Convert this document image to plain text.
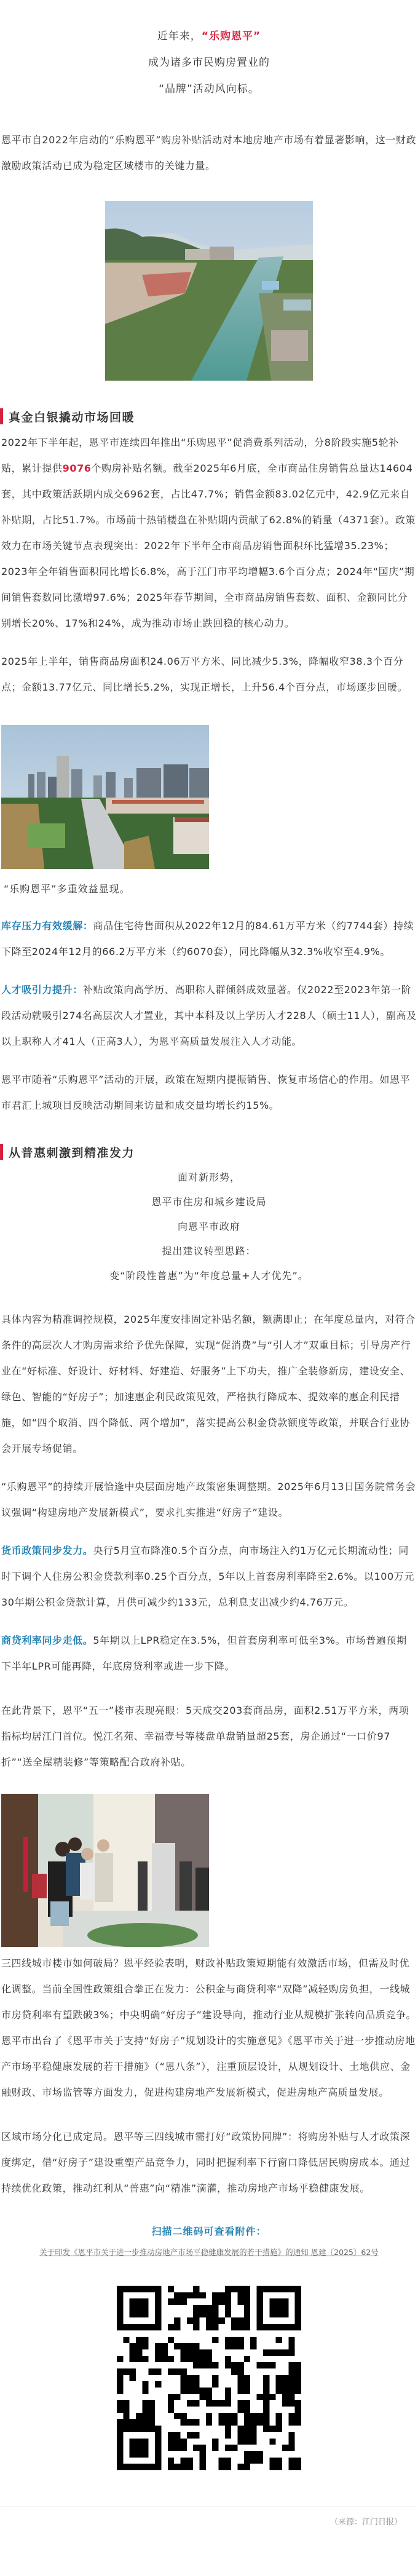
近年来，“乐购恩平”
成为诸多市民购房置业的
“品牌”活动风向标。

恩平市自2022年启动的“乐购恩平”购房补贴活动对本地房地产市场有着显著影响，这一财政激励政策活动已成为稳定区域楼市的关键力量。

真金白银撬动市场回暖

2022年下半年起，恩平市连续四年推出“乐购恩平”促消费系列活动，分8阶段实施5轮补贴，累计提供9076个购房补贴名额。截至2025年6月底，全市商品住房销售总量达14604套，其中政策活跃期内成交6962套，占比47.7%；销售金额83.02亿元中，42.9亿元来自补贴期，占比51.7%。市场前十热销楼盘在补贴期内贡献了62.8%的销量（4371套）。政策效力在市场关键节点表现突出：2022年下半年全市商品房销售面积环比猛增35.23%；2023年全年销售面积同比增长6.8%，高于江门市平均增幅3.6个百分点；2024年“国庆”期间销售套数同比激增97.6%；2025年春节期间，全市商品房销售套数、面积、金额同比分别增长20%、17%和24%，成为推动市场止跌回稳的核心动力。

2025年上半年，销售商品房面积24.06万平方米、同比减少5.3%，降幅收窄38.3个百分点；金额13.77亿元、同比增长5.2%，实现正增长，上升56.4个百分点，市场逐步回暖。

“乐购恩平”多重效益显现。

库存压力有效缓解：商品住宅待售面积从2022年12月的84.61万平方米（约7744套）持续下降至2024年12月的66.2万平方米（约6070套），同比降幅从32.3%收窄至4.9%。

人才吸引力提升：补贴政策向高学历、高职称人群倾斜成效显著。仅2022至2023年第一阶段活动就吸引274名高层次人才置业，其中本科及以上学历人才228人（硕士11人），副高及以上职称人才41人（正高3人），为恩平高质量发展注入人才动能。

恩平市随着“乐购恩平”活动的开展，政策在短期内提振销售、恢复市场信心的作用。如恩平市君汇上城项目反映活动期间来访量和成交量均增长约15%。

从普惠刺激到精准发力
面对新形势，
恩平市住房和城乡建设局
向恩平市政府
提出建议转型思路：
变“阶段性普惠”为“年度总量+人才优先”。

具体内容为精准调控规模，2025年度安排固定补贴名额，额满即止；在年度总量内，对符合条件的高层次人才购房需求给予优先保障，实现“促消费”与“引人才”双重目标；引导房产行业在“好标准、好设计、好材料、好建造、好服务”上下功夫，推广全装修新房，建设安全、绿色、智能的“好房子”；加速惠企利民政策见效，严格执行降成本、提效率的惠企利民措施，如“四个取消、四个降低、两个增加”，落实提高公积金贷款额度等政策，并联合行业协会开展专场促销。

“乐购恩平”的持续开展恰逢中央层面房地产政策密集调整期。2025年6月13日国务院常务会议强调“构建房地产发展新模式”，要求扎实推进“好房子”建设。

货币政策同步发力。央行5月宣布降准0.5个百分点，向市场注入约1万亿元长期流动性；同时下调个人住房公积金贷款利率0.25个百分点，5年以上首套房利率降至2.6%。以100万元30年期公积金贷款计算，月供可减少约133元，总利息支出减少约4.76万元。

商贷利率同步走低。5年期以上LPR稳定在3.5%，但首套房利率可低至3%。市场普遍预期下半年LPR可能再降，年底房贷利率或进一步下降。

在此背景下，恩平“五一”楼市表现亮眼：5天成交203套商品房，面积2.51万平方米，两项指标均居江门首位。悦江名苑、幸福壹号等楼盘单盘销量超25套，房企通过“一口价97折”“送全屋精装修”等策略配合政府补贴。

三四线城市楼市如何破局？恩平经验表明，财政补贴政策短期能有效激活市场，但需及时优化调整。当前全国性政策组合拳正在发力：公积金与商贷利率“双降”减轻购房负担，一线城市房贷利率有望跌破3%；中央明确“好房子”建设导向，推动行业从规模扩张转向品质竞争。恩平市出台了《恩平市关于支持“好房子”规划设计的实施意见》《恩平市关于进一步推动房地产市场平稳健康发展的若干措施》（“恩八条”），注重顶层设计，从规划设计、土地供应、金融财政、市场监管等方面发力，促进构建房地产发展新模式，促进房地产高质量发展。

区域市场分化已成定局。恩平等三四线城市需打好“政策协同牌”：将购房补贴与人才政策深度绑定，借“好房子”建设重塑产品竞争力，同时把握利率下行窗口降低居民购房成本。通过持续优化政策，推动红利从“普惠”向“精准”滴灌，推动房地产市场平稳健康发展。

扫描二维码可查看附件：
关于印发《恩平市关于进一步推动房地产市场平稳健康发展的若干措施》的通知 恩建〔2025〕62号
（来源：江门日报）
